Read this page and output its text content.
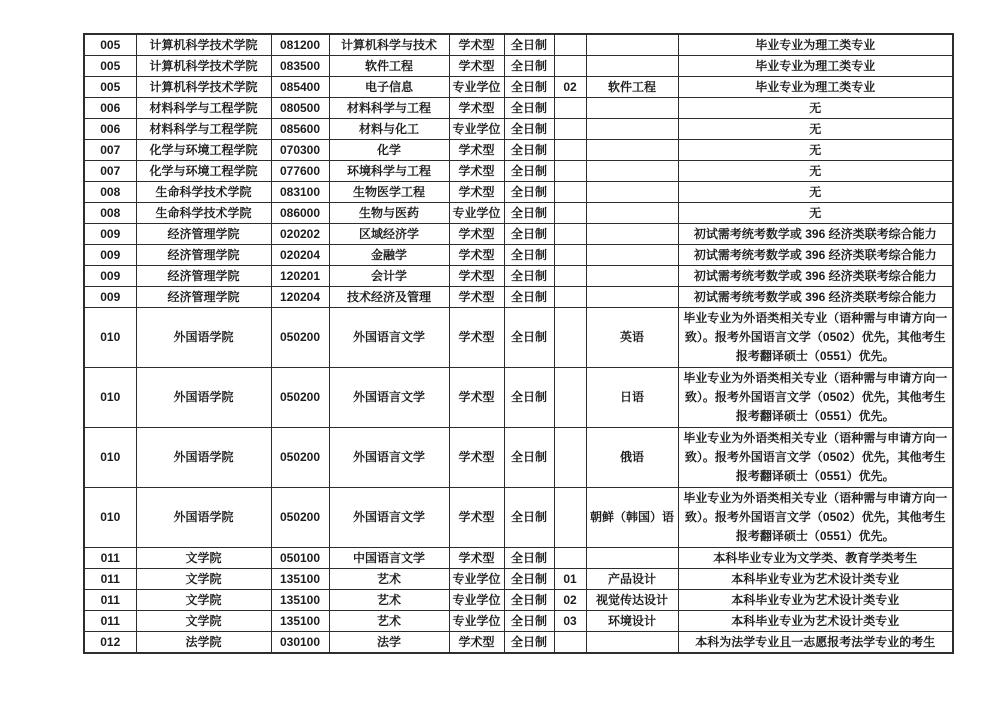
005	计算机科学技术学院	081200	计算机科学与技术	学术型	全日制			毕业专业为理工类专业
005	计算机科学技术学院	083500	软件工程	学术型	全日制			毕业专业为理工类专业
005	计算机科学技术学院	085400	电子信息	专业学位	全日制	02	软件工程	毕业专业为理工类专业
006	材料科学与工程学院	080500	材料科学与工程	学术型	全日制			无
006	材料科学与工程学院	085600	材料与化工	专业学位	全日制			无
007	化学与环境工程学院	070300	化学	学术型	全日制			无
007	化学与环境工程学院	077600	环境科学与工程	学术型	全日制			无
008	生命科学技术学院	083100	生物医学工程	学术型	全日制			无
008	生命科学技术学院	086000	生物与医药	专业学位	全日制			无
009	经济管理学院	020202	区域经济学	学术型	全日制			初试需考统考数学或 396 经济类联考综合能力
009	经济管理学院	020204	金融学	学术型	全日制			初试需考统考数学或 396 经济类联考综合能力
009	经济管理学院	120201	会计学	学术型	全日制			初试需考统考数学或 396 经济类联考综合能力
009	经济管理学院	120204	技术经济及管理	学术型	全日制			初试需考统考数学或 396 经济类联考综合能力
010	外国语学院	050200	外国语言文学	学术型	全日制		英语	毕业专业为外语类相关专业（语种需与申请方向一致）。报考外国语言文学（0502）优先，其他考生报考翻译硕士（0551）优先。
010	外国语学院	050200	外国语言文学	学术型	全日制		日语	毕业专业为外语类相关专业（语种需与申请方向一致）。报考外国语言文学（0502）优先，其他考生报考翻译硕士（0551）优先。
010	外国语学院	050200	外国语言文学	学术型	全日制		俄语	毕业专业为外语类相关专业（语种需与申请方向一致）。报考外国语言文学（0502）优先，其他考生报考翻译硕士（0551）优先。
010	外国语学院	050200	外国语言文学	学术型	全日制		朝鲜（韩国）语	毕业专业为外语类相关专业（语种需与申请方向一致）。报考外国语言文学（0502）优先，其他考生报考翻译硕士（0551）优先。
011	文学院	050100	中国语言文学	学术型	全日制			本科毕业专业为文学类、教育学类考生
011	文学院	135100	艺术	专业学位	全日制	01	产品设计	本科毕业专业为艺术设计类专业
011	文学院	135100	艺术	专业学位	全日制	02	视觉传达设计	本科毕业专业为艺术设计类专业
011	文学院	135100	艺术	专业学位	全日制	03	环境设计	本科毕业专业为艺术设计类专业
012	法学院	030100	法学	学术型	全日制			本科为法学专业且一志愿报考法学专业的考生
